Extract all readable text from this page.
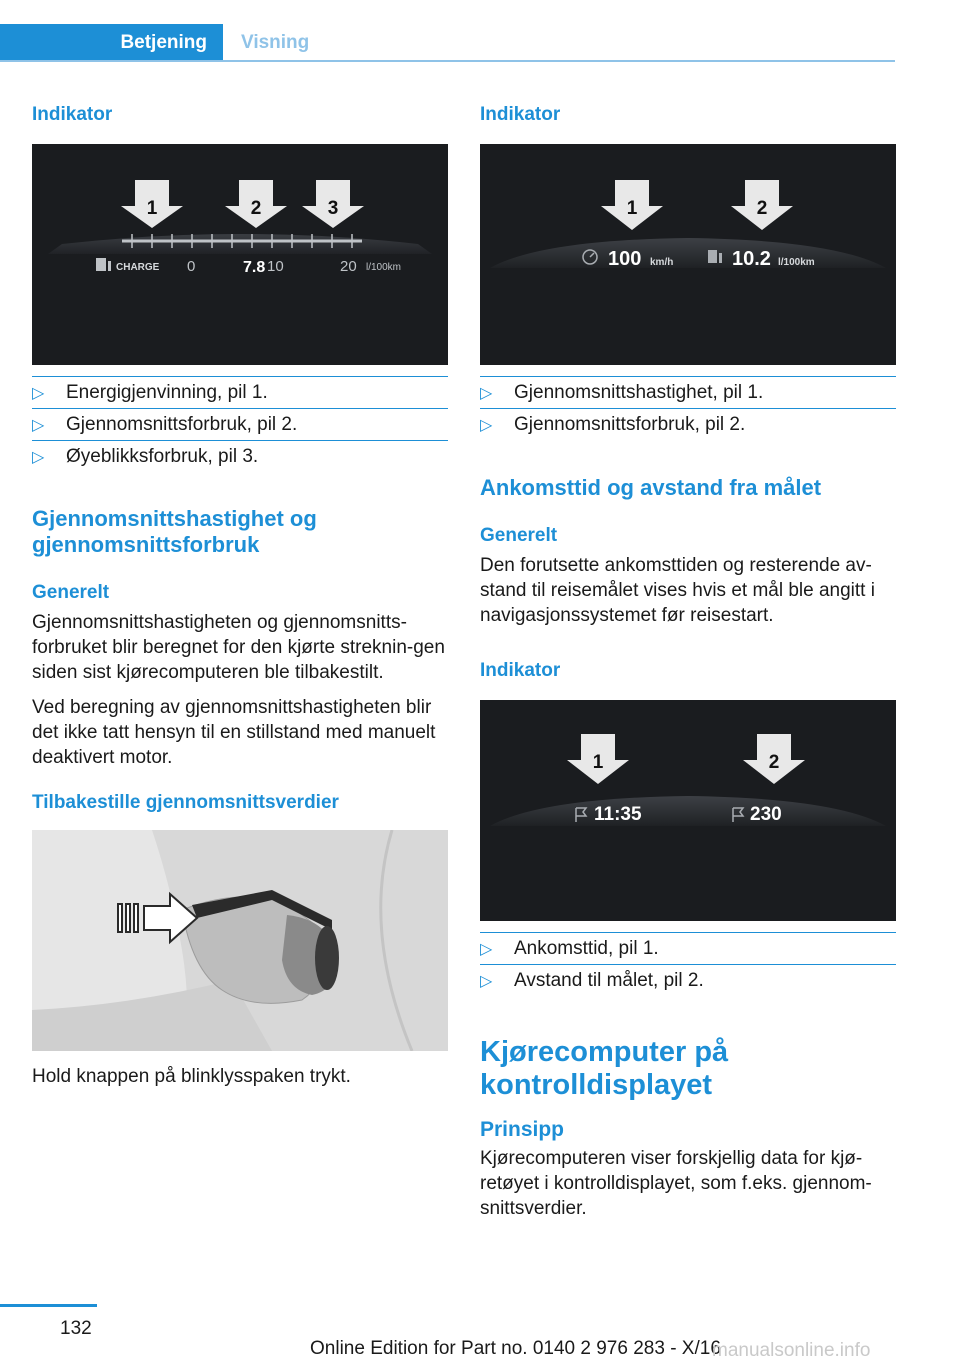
Betjening	Visning

Indikator

1	2	3
CHARGE 0	7.8 10	20 l/100km
▷ Energigjenvinning, pil 1.
▷ Gjennomsnittsforbruk, pil 2.
▷ Øyeblikksforbruk, pil 3.
Gjennomsnittshastighet og gjennomsnittsforbruk
Generelt

Gjennomsnittshastigheten og gjennomsnitts-forbruket blir beregnet for den kjørte streknin-gen siden sist kjørecomputeren ble tilbakestilt.

Ved beregning av gjennomsnittshastigheten blir det ikke tatt hensyn til en stillstand med manuelt deaktivert motor.

Tilbakestille gjennomsnittsverdier

Hold knappen på blinklysspaken trykt.

Indikator

1	2
100 km/h	10.2 l/100km
▷ Gjennomsnittshastighet, pil 1.
▷ Gjennomsnittsforbruk, pil 2.
Ankomsttid og avstand fra målet
Generelt

Den forutsette ankomsttiden og resterende av-stand til reisemålet vises hvis et mål ble angitt i navigasjonssystemet før reisestart.

Indikator

1	2
11:35	230
▷ Ankomsttid, pil 1.
▷ Avstand til målet, pil 2.
Kjørecomputer på kontrolldisplayet
Prinsipp

Kjørecomputeren viser forskjellig data for kjø-retøyet i kontrolldisplayet, som f.eks. gjennom-snittsverdier.

132
Online Edition for Part no. 0140 2 976 283 - X/16
manualsonline.info
